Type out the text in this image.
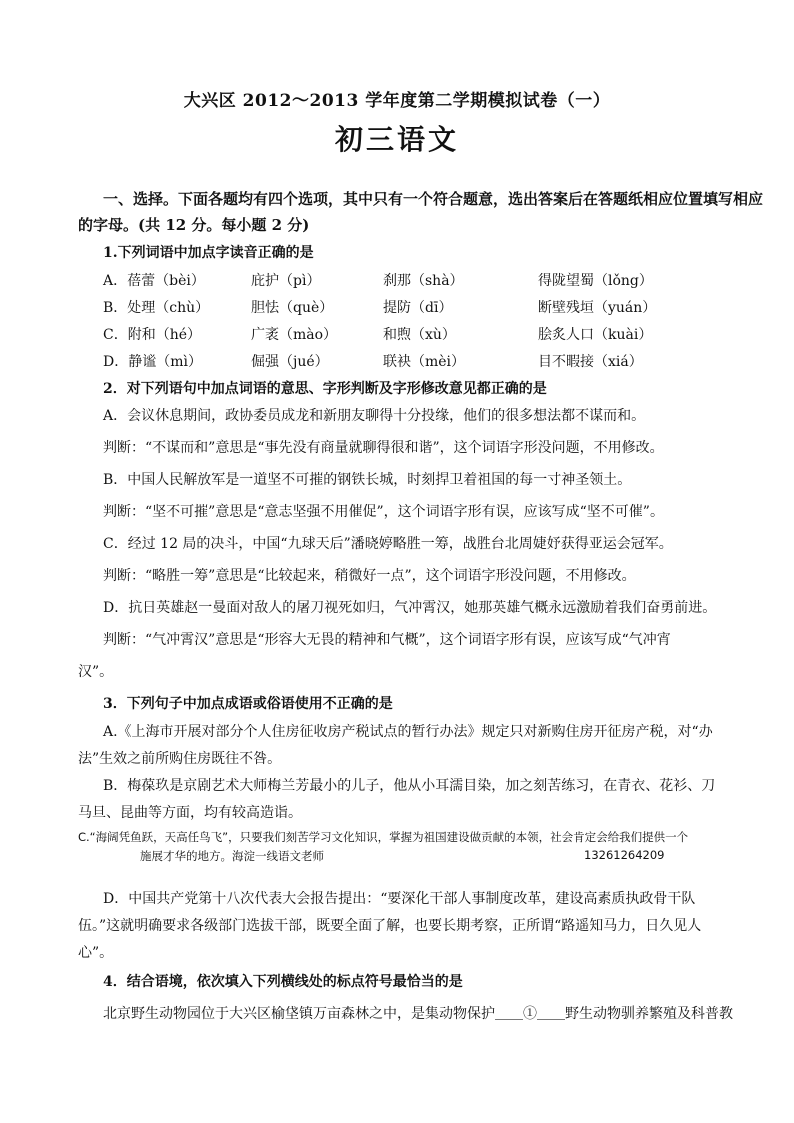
大兴区 2012～2013 学年度第二学期模拟试卷（一）
初三语文
一、选择。下面各题均有四个选项，其中只有一个符合题意，选出答案后在答题纸相应位置填写相应
的字母。(共 12 分。每小题 2 分)
1.下列词语中加点字读音正确的是
A．蓓蕾（bèi）	庇护（pì）	刹那（shà）	得陇望蜀（lǒng）
B．处理（chù）	胆怯（què）	提防（dī）	断壁残垣（yuán）
C．附和（hé）	广袤（mào）	和煦（xù）	脍炙人口（kuài）
D．静谧（mì）	倔强（jué）	联袂（mèi）	目不暇接（xiá）
2．对下列语句中加点词语的意思、字形判断及字形修改意见都正确的是
A．会议休息期间，政协委员成龙和新朋友聊得十分投缘，他们的很多想法都不谋而和。
判断：“不谋而和”意思是“事先没有商量就聊得很和谐”，这个词语字形没问题，不用修改。
B．中国人民解放军是一道坚不可摧的钢铁长城，时刻捍卫着祖国的每一寸神圣领土。
判断：“坚不可摧”意思是“意志坚强不用催促”，这个词语字形有误，应该写成“坚不可催”。
C．经过 12 局的决斗，中国“九球天后”潘晓婷略胜一筹，战胜台北周婕妤获得亚运会冠军。
判断：“略胜一筹”意思是“比较起来，稍微好一点”，这个词语字形没问题，不用修改。
D．抗日英雄赵一曼面对敌人的屠刀视死如归，气冲霄汉，她那英雄气概永远激励着我们奋勇前进。
判断：“气冲霄汉”意思是“形容大无畏的精神和气概”，这个词语字形有误，应该写成“气冲宵
汉”。
3．下列句子中加点成语或俗语使用不正确的是
A.《上海市开展对部分个人住房征收房产税试点的暂行办法》规定只对新购住房开征房产税，对“办
法”生效之前所购住房既往不咎。
B．梅葆玖是京剧艺术大师梅兰芳最小的儿子，他从小耳濡目染，加之刻苦练习，在青衣、花衫、刀
马旦、昆曲等方面，均有较高造诣。
C.“海阔凭鱼跃，天高任鸟飞”，只要我们刻苦学习文化知识，掌握为祖国建设做贡献的本领，社会肯定会给我们提供一个
施展才华的地方。海淀一线语文老师	13261264209
D．中国共产党第十八次代表大会报告提出：“要深化干部人事制度改革，建设高素质执政骨干队
伍。”这就明确要求各级部门选拔干部，既要全面了解，也要长期考察，正所谓“路遥知马力，日久见人
心”。
4．结合语境，依次填入下列横线处的标点符号最恰当的是
北京野生动物园位于大兴区榆垡镇万亩森林之中，是集动物保护＿＿①＿＿野生动物驯养繁殖及科普教
